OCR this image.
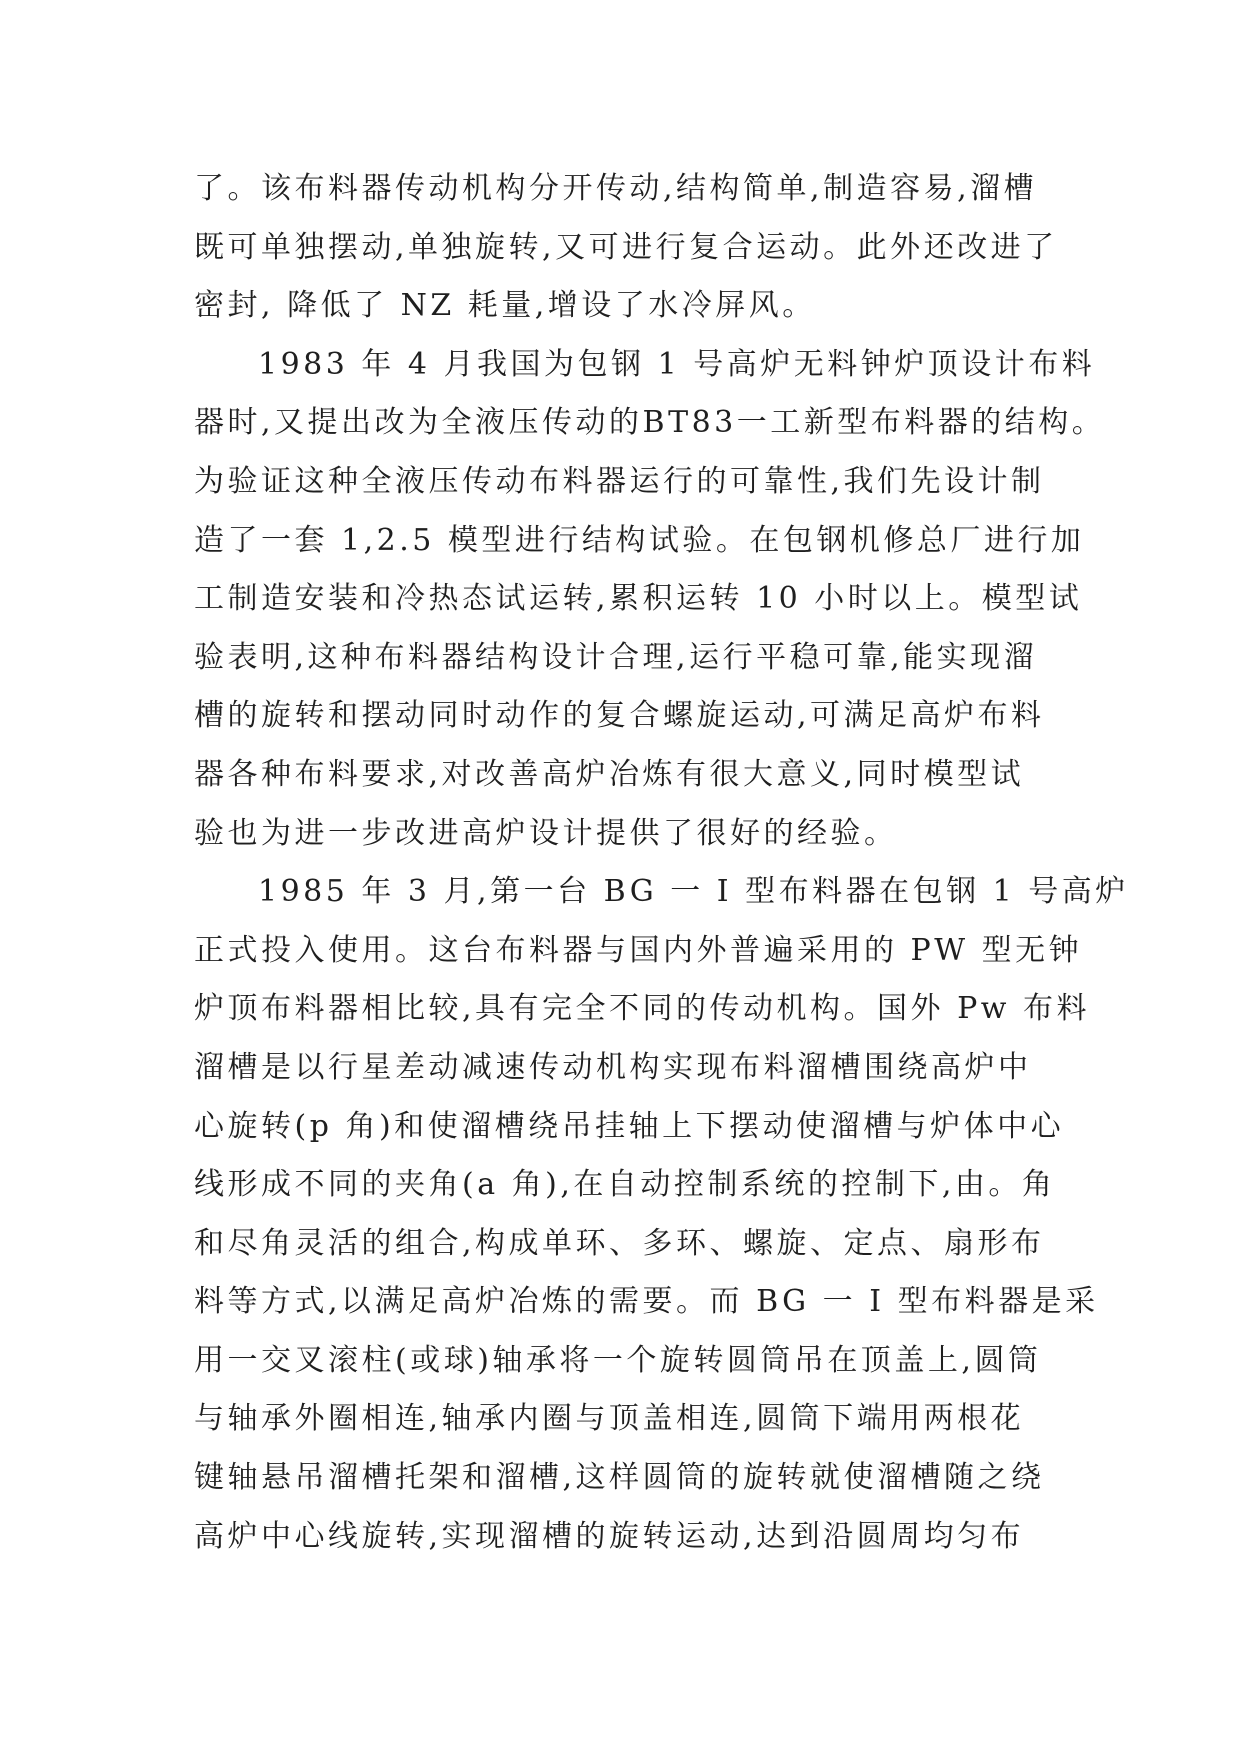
了。该布料器传动机构分开传动,结构简单,制造容易,溜槽
既可单独摆动,单独旋转,又可进行复合运动。此外还改进了
密封, 降低了 NZ 耗量,增设了水冷屏风。
1983 年 4 月我国为包钢 1 号高炉无料钟炉顶设计布料
器时,又提出改为全液压传动的BT83一工新型布料器的结构。
为验证这种全液压传动布料器运行的可靠性,我们先设计制
造了一套 1,2.5 模型进行结构试验。在包钢机修总厂进行加
工制造安装和冷热态试运转,累积运转 10 小时以上。模型试
验表明,这种布料器结构设计合理,运行平稳可靠,能实现溜
槽的旋转和摆动同时动作的复合螺旋运动,可满足高炉布料
器各种布料要求,对改善高炉冶炼有很大意义,同时模型试
验也为进一步改进高炉设计提供了很好的经验。
1985 年 3 月,第一台 BG 一 I 型布料器在包钢 1 号高炉
正式投入使用。这台布料器与国内外普遍采用的 PW 型无钟
炉顶布料器相比较,具有完全不同的传动机构。国外 Pw 布料
溜槽是以行星差动减速传动机构实现布料溜槽围绕高炉中
心旋转(p 角)和使溜槽绕吊挂轴上下摆动使溜槽与炉体中心
线形成不同的夹角(a 角),在自动控制系统的控制下,由。角
和尽角灵活的组合,构成单环、多环、螺旋、定点、扇形布
料等方式,以满足高炉冶炼的需要。而 BG 一 I 型布料器是采
用一交叉滚柱(或球)轴承将一个旋转圆筒吊在顶盖上,圆筒
与轴承外圈相连,轴承内圈与顶盖相连,圆筒下端用两根花
键轴悬吊溜槽托架和溜槽,这样圆筒的旋转就使溜槽随之绕
高炉中心线旋转,实现溜槽的旋转运动,达到沿圆周均匀布
